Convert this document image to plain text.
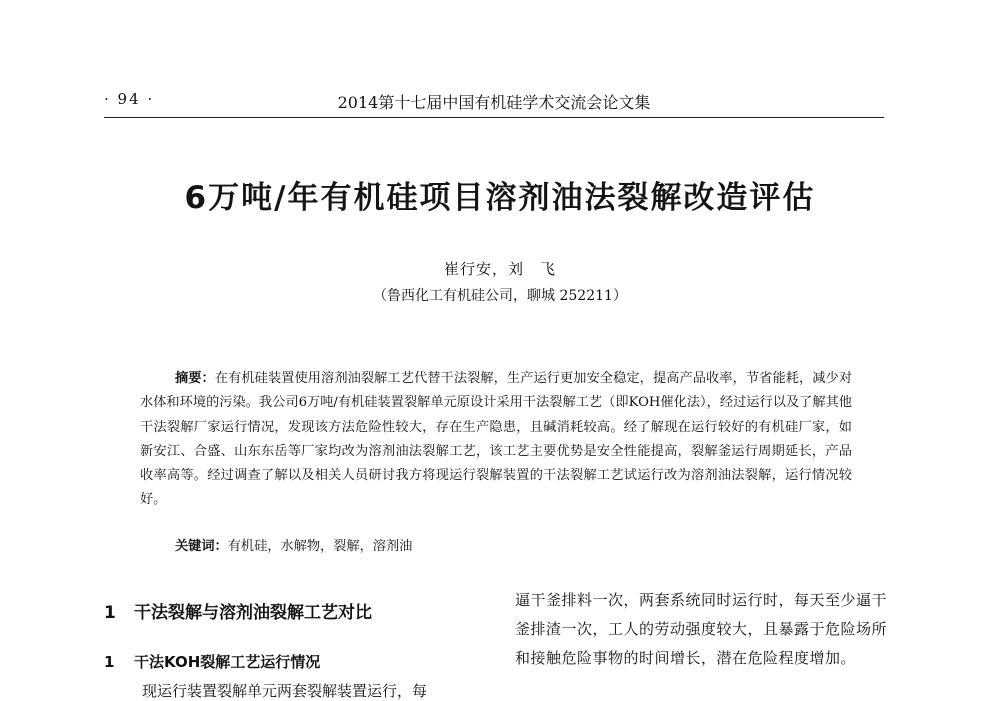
· 94 ·	2014第十七届中国有机硅学术交流会论文集
6万吨/年有机硅项目溶剂油法裂解改造评估
崔行安，刘　飞
（鲁西化工有机硅公司，聊城 252211）

摘要：在有机硅装置使用溶剂油裂解工艺代替干法裂解，生产运行更加安全稳定，提高产品收率，节省能耗，减少对水体和环境的污染。我公司6万吨/有机硅装置裂解单元原设计采用干法裂解工艺（即KOH催化法），经过运行以及了解其他干法裂解厂家运行情况，发现该方法危险性较大，存在生产隐患，且碱消耗较高。经了解现在运行较好的有机硅厂家，如新安江、合盛、山东东岳等厂家均改为溶剂油法裂解工艺，该工艺主要优势是安全性能提高，裂解釜运行周期延长，产品收率高等。经过调查了解以及相关人员研讨我方将现运行裂解装置的干法裂解工艺试运行改为溶剂油法裂解，运行情况较好。

关键词：有机硅，水解物，裂解，溶剂油
1 干法裂解与溶剂油裂解工艺对比
1 干法KOH裂解工艺运行情况
现运行装置裂解单元两套裂解装置运行，每

逼干釜排料一次，两套系统同时运行时，每天至少逼干釜排渣一次，工人的劳动强度较大，且暴露于危险场所和接触危险事物的时间增长，潜在危险程度增加。
